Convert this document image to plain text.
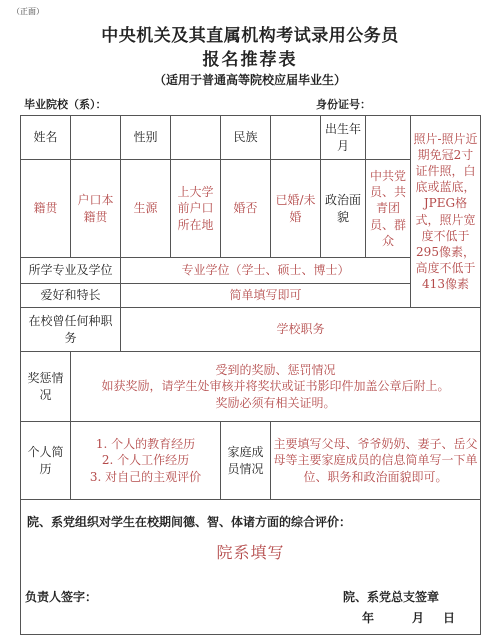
（正面）
中央机关及其直属机构考试录用公务员
报名推荐表
（适用于普通高等院校应届毕业生）
毕业院校（系）：	身份证号：
姓名		性别		民族		出生年月		照片-照片近期免冠2寸证件照，白底或蓝底，JPEG格式，照片宽度不低于295像素，高度不低于413像素
籍贯	户口本籍贯	生源	上大学前户口所在地	婚否	已婚/未婚	政治面貌	中共党员、共青团员、群众	
所学专业及学位		专业学位（学士、硕士、博士）						
爱好和特长		简单填写即可						
在校曾任何种职务		学校职务						
奖惩情况	受到的奖励、惩罚情况
如获奖励，请学生处审核并将奖状或证书影印件加盖公章后附上。
奖励必须有相关证明。							

个人简历	1. 个人的教育经历
2. 个人工作经历
3. 对自己的主观评价			家庭成员情况	主要填写父母、爷爷奶奶、妻子、岳父母等主要家庭成员的信息简单写一下单位、职务和政治面貌即可。			

院、系党组织对学生在校期间德、智、体诸方面的综合评价：
院系填写
负责人签字： 院、系党总支签章
年 月 日								
